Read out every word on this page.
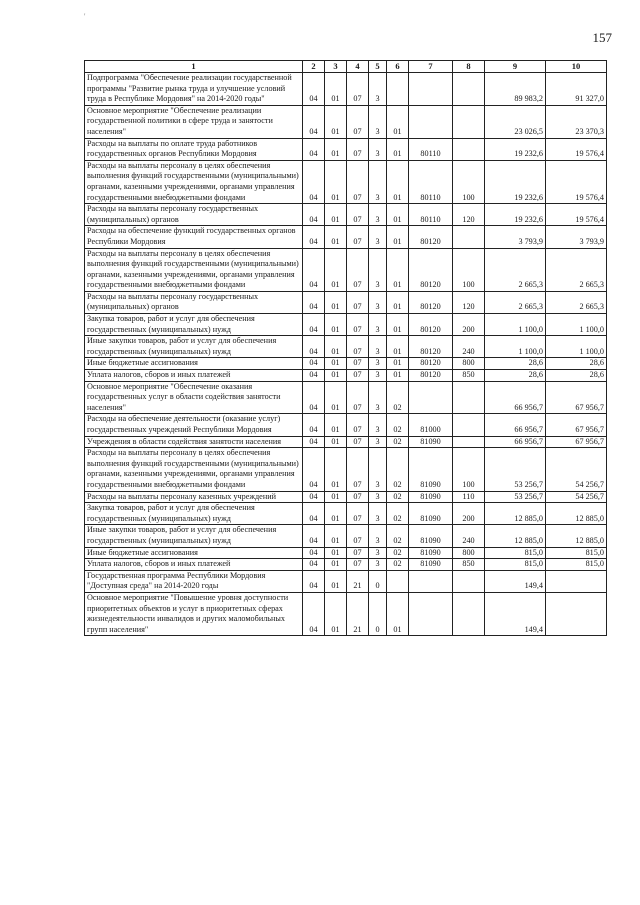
'
157
1	2	3	4	5	6	7	8	9	10
Подпрограмма "Обеспечение реализации государственной программы "Развитие рынка труда и улучшение условий труда в Республике Мордовия" на 2014-2020 годы"	04	01	07	3				89 983,2	91 327,0
Основное мероприятие "Обеспечение реализации государственной политики в сфере труда и занятости населения"	04	01	07	3	01			23 026,5	23 370,3
Расходы на выплаты по оплате труда работников государственных органов Республики Мордовия	04	01	07	3	01	80110		19 232,6	19 576,4
Расходы на выплаты персоналу в целях обеспечения выполнения функций государственными (муниципальными) органами, казенными учреждениями, органами управления государственными внебюджетными фондами	04	01	07	3	01	80110	100	19 232,6	19 576,4
Расходы на выплаты персоналу государственных (муниципальных) органов	04	01	07	3	01	80110	120	19 232,6	19 576,4
Расходы на обеспечение функций государственных органов Республики Мордовия	04	01	07	3	01	80120		3 793,9	3 793,9
Расходы на выплаты персоналу в целях обеспечения выполнения функций государственными (муниципальными) органами, казенными учреждениями, органами управления государственными внебюджетными фондами	04	01	07	3	01	80120	100	2 665,3	2 665,3
Расходы на выплаты персоналу государственных (муниципальных) органов	04	01	07	3	01	80120	120	2 665,3	2 665,3
Закупка товаров, работ и услуг для обеспечения государственных (муниципальных) нужд	04	01	07	3	01	80120	200	1 100,0	1 100,0
Иные закупки товаров, работ и услуг для обеспечения государственных (муниципальных) нужд	04	01	07	3	01	80120	240	1 100,0	1 100,0
Иные бюджетные ассигнования	04	01	07	3	01	80120	800	28,6	28,6
Уплата налогов, сборов и иных платежей	04	01	07	3	01	80120	850	28,6	28,6
Основное мероприятие "Обеспечение оказания государственных услуг в области содействия занятости населения"	04	01	07	3	02			66 956,7	67 956,7
Расходы на обеспечение деятельности (оказание услуг) государственных учреждений Республики Мордовия	04	01	07	3	02	81000		66 956,7	67 956,7
Учреждения в области содействия занятости населения	04	01	07	3	02	81090		66 956,7	67 956,7
Расходы на выплаты персоналу в целях обеспечения выполнения функций государственными (муниципальными) органами, казенными учреждениями, органами управления государственными внебюджетными фондами	04	01	07	3	02	81090	100	53 256,7	54 256,7
Расходы на выплаты персоналу казенных учреждений	04	01	07	3	02	81090	110	53 256,7	54 256,7
Закупка товаров, работ и услуг для обеспечения государственных (муниципальных) нужд	04	01	07	3	02	81090	200	12 885,0	12 885,0
Иные закупки товаров, работ и услуг для обеспечения государственных (муниципальных) нужд	04	01	07	3	02	81090	240	12 885,0	12 885,0
Иные бюджетные ассигнования	04	01	07	3	02	81090	800	815,0	815,0
Уплата налогов, сборов и иных платежей	04	01	07	3	02	81090	850	815,0	815,0
Государственная программа Республики Мордовия "Доступная среда" на 2014-2020 годы	04	01	21	0				149,4	
Основное мероприятие "Повышение уровня доступности приоритетных объектов и услуг в приоритетных сферах жизнедеятельности инвалидов и других маломобильных групп населения"	04	01	21	0	01			149,4	
